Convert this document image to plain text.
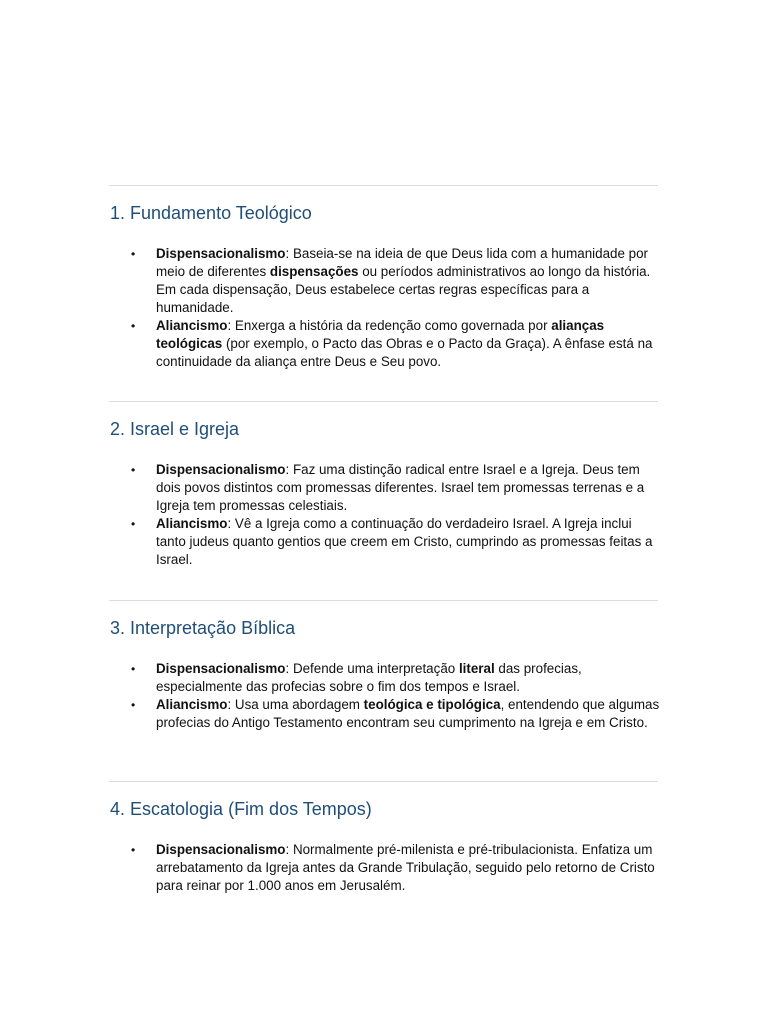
1. Fundamento Teológico
• Dispensacionalismo: Baseia-se na ideia de que Deus lida com a humanidade por meio de diferentes dispensações ou períodos administrativos ao longo da história. Em cada dispensação, Deus estabelece certas regras específicas para a humanidade.
• Aliancismo: Enxerga a história da redenção como governada por alianças teológicas (por exemplo, o Pacto das Obras e o Pacto da Graça). A ênfase está na continuidade da aliança entre Deus e Seu povo.
2. Israel e Igreja
• Dispensacionalismo: Faz uma distinção radical entre Israel e a Igreja. Deus tem dois povos distintos com promessas diferentes. Israel tem promessas terrenas e a Igreja tem promessas celestiais.
• Aliancismo: Vê a Igreja como a continuação do verdadeiro Israel. A Igreja inclui tanto judeus quanto gentios que creem em Cristo, cumprindo as promessas feitas a Israel.
3. Interpretação Bíblica
• Dispensacionalismo: Defende uma interpretação literal das profecias, especialmente das profecias sobre o fim dos tempos e Israel.
• Aliancismo: Usa uma abordagem teológica e tipológica, entendendo que algumas profecias do Antigo Testamento encontram seu cumprimento na Igreja e em Cristo.
4. Escatologia (Fim dos Tempos)
• Dispensacionalismo: Normalmente pré-milenista e pré-tribulacionista. Enfatiza um arrebatamento da Igreja antes da Grande Tribulação, seguido pelo retorno de Cristo para reinar por 1.000 anos em Jerusalém.
